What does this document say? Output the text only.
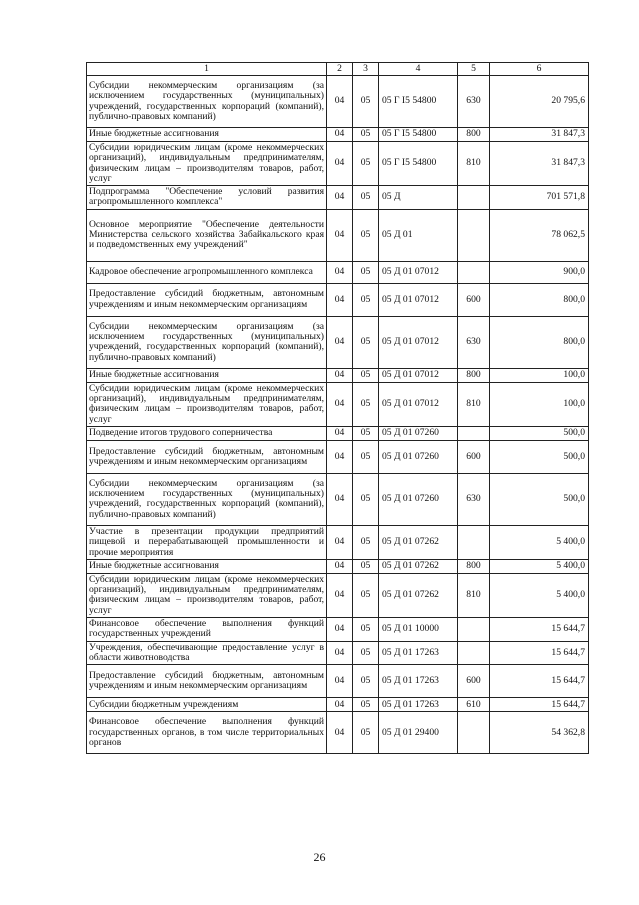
1	2	3	4	5	6
Субсидии некоммерческим организациям (за исключением государственных (муниципальных) учреждений, государственных корпораций (компаний), публично-правовых компаний)	04	05	05 Г I5 54800	630	20 795,6
Иные бюджетные ассигнования	04	05	05 Г I5 54800	800	31 847,3
Субсидии юридическим лицам (кроме некоммерческих организаций), индивидуальным предпринимателям, физическим лицам – производителям товаров, работ, услуг	04	05	05 Г I5 54800	810	31 847,3
Подпрограмма "Обеспечение условий развития агропромышленного комплекса"	04	05	05 Д		701 571,8
Основное мероприятие "Обеспечение деятельности Министерства сельского хозяйства Забайкальского края и подведомственных ему учреждений"	04	05	05 Д 01		78 062,5
Кадровое обеспечение агропромышленного комплекса	04	05	05 Д 01 07012		900,0
Предоставление субсидий бюджетным, автономным учреждениям и иным некоммерческим организациям	04	05	05 Д 01 07012	600	800,0
Субсидии некоммерческим организациям (за исключением государственных (муниципальных) учреждений, государственных корпораций (компаний), публично-правовых компаний)	04	05	05 Д 01 07012	630	800,0
Иные бюджетные ассигнования	04	05	05 Д 01 07012	800	100,0
Субсидии юридическим лицам (кроме некоммерческих организаций), индивидуальным предпринимателям, физическим лицам – производителям товаров, работ, услуг	04	05	05 Д 01 07012	810	100,0
Подведение итогов трудового соперничества	04	05	05 Д 01 07260		500,0
Предоставление субсидий бюджетным, автономным учреждениям и иным некоммерческим организациям	04	05	05 Д 01 07260	600	500,0
Субсидии некоммерческим организациям (за исключением государственных (муниципальных) учреждений, государственных корпораций (компаний), публично-правовых компаний)	04	05	05 Д 01 07260	630	500,0
Участие в презентации продукции предприятий пищевой и перерабатывающей промышленности и прочие мероприятия	04	05	05 Д 01 07262		5 400,0
Иные бюджетные ассигнования	04	05	05 Д 01 07262	800	5 400,0
Субсидии юридическим лицам (кроме некоммерческих организаций), индивидуальным предпринимателям, физическим лицам – производителям товаров, работ, услуг	04	05	05 Д 01 07262	810	5 400,0
Финансовое обеспечение выполнения функций государственных учреждений	04	05	05 Д 01 10000		15 644,7
Учреждения, обеспечивающие предоставление услуг в области животноводства	04	05	05 Д 01 17263		15 644,7
Предоставление субсидий бюджетным, автономным учреждениям и иным некоммерческим организациям	04	05	05 Д 01 17263	600	15 644,7
Субсидии бюджетным учреждениям	04	05	05 Д 01 17263	610	15 644,7
Финансовое обеспечение выполнения функций государственных органов, в том числе территориальных органов	04	05	05 Д 01 29400		54 362,8
26
